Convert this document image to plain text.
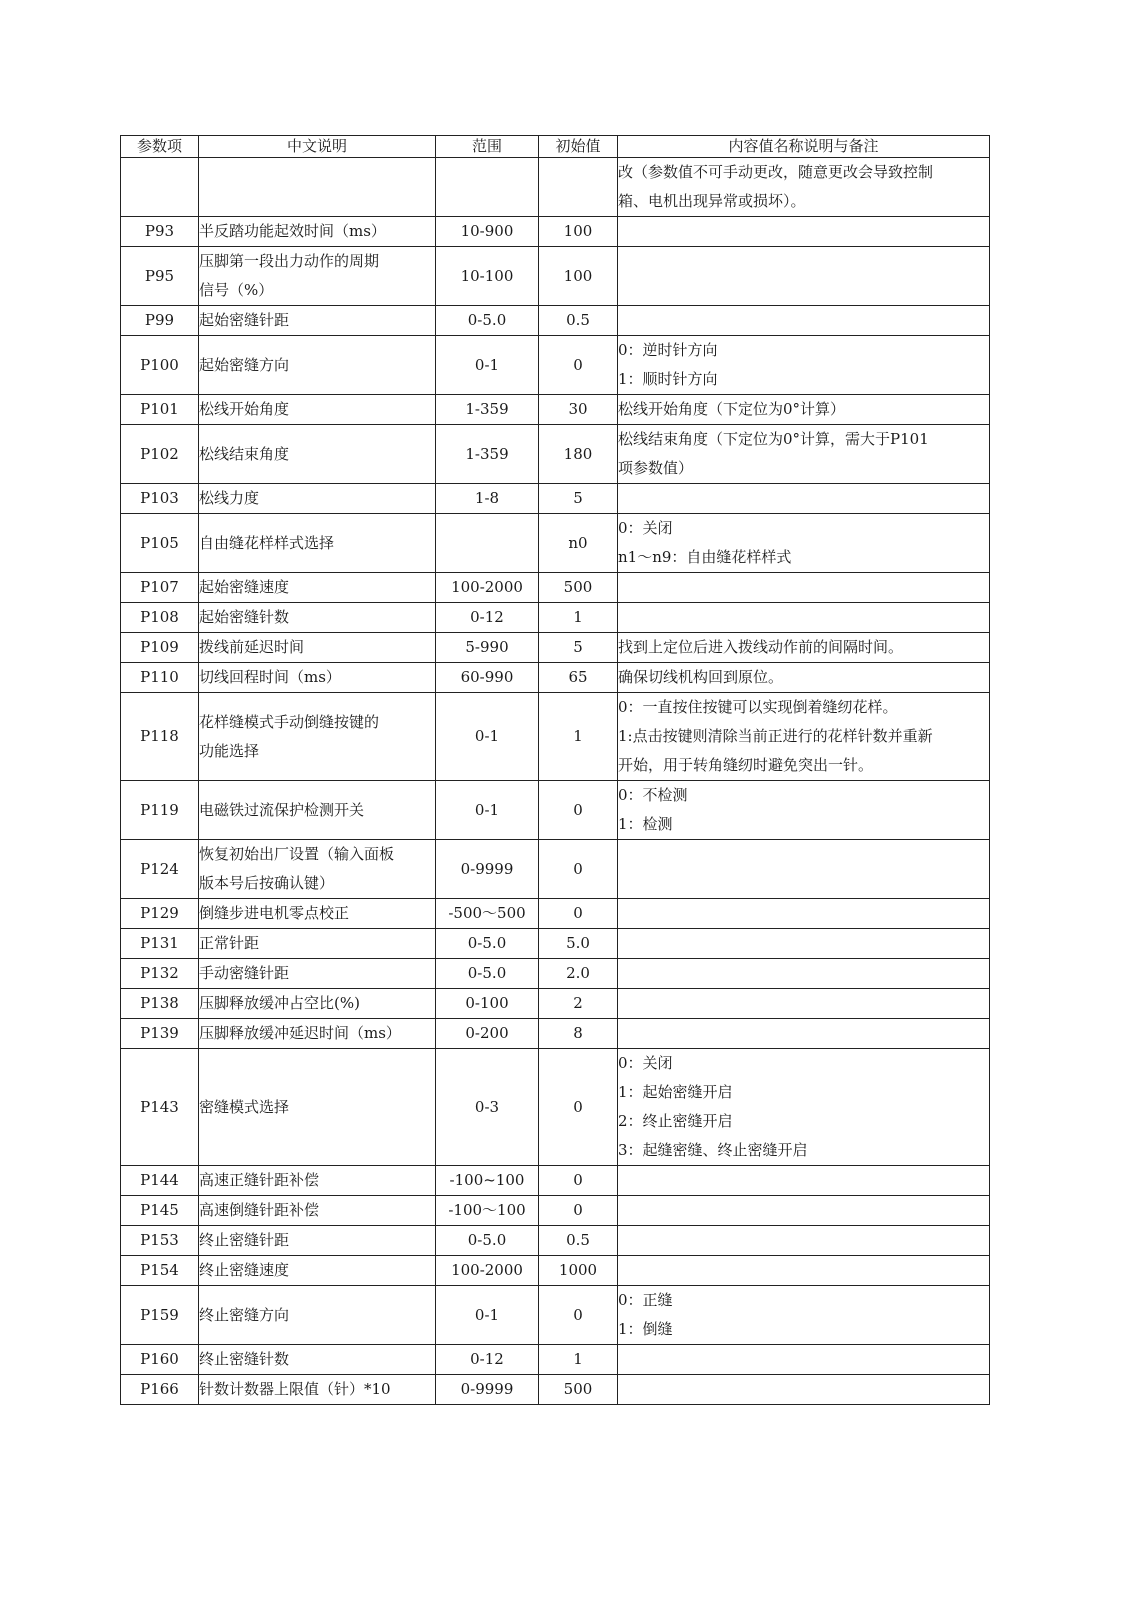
参数项	中文说明	范围	初始值	内容值名称说明与备注

				改（参数值不可手动更改，随意更改会导致控制
箱、电机出现异常或损坏）。

P93	半反踏功能起效时间（ms）	10-900	100	
P95	压脚第一段出力动作的周期
信号（%）	10-100	100	
P99	起始密缝针距	0-5.0	0.5	
P100	起始密缝方向	0-1	0	0：逆时针方向
1：顺时针方向

P101	松线开始角度	1-359	30	松线开始角度（下定位为0°计算）

P102	松线结束角度	1-359	180	松线结束角度（下定位为0°计算，需大于P101
项参数值）

P103	松线力度	1-8	5	
P105	自由缝花样样式选择		n0	0：关闭
n1～n9：自由缝花样样式

P107	起始密缝速度	100-2000	500	
P108	起始密缝针数	0-12	1	
P109	拨线前延迟时间	5-990	5	找到上定位后进入拨线动作前的间隔时间。

P110	切线回程时间（ms）	60-990	65	确保切线机构回到原位。

P118	花样缝模式手动倒缝按键的
功能选择	0-1	1	0：一直按住按键可以实现倒着缝纫花样。
1:点击按键则清除当前正进行的花样针数并重新
开始，用于转角缝纫时避免突出一针。

P119	电磁铁过流保护检测开关	0-1	0	0：不检测
1：检测

P124	恢复初始出厂设置（输入面板
版本号后按确认键）	0-9999	0	
P129	倒缝步进电机零点校正	-500～500	0	
P131	正常针距	0-5.0	5.0	
P132	手动密缝针距	0-5.0	2.0	
P138	压脚释放缓冲占空比(%)	0-100	2	
P139	压脚释放缓冲延迟时间（ms）	0-200	8	
P143	密缝模式选择	0-3	0	0：关闭
1：起始密缝开启
2：终止密缝开启
3：起缝密缝、终止密缝开启

P144	高速正缝针距补偿	-100~100	0	
P145	高速倒缝针距补偿	-100～100	0	
P153	终止密缝针距	0-5.0	0.5	
P154	终止密缝速度	100-2000	1000	
P159	终止密缝方向	0-1	0	0：正缝
1：倒缝

P160	终止密缝针数	0-12	1	
P166	针数计数器上限值（针）*10	0-9999	500	
